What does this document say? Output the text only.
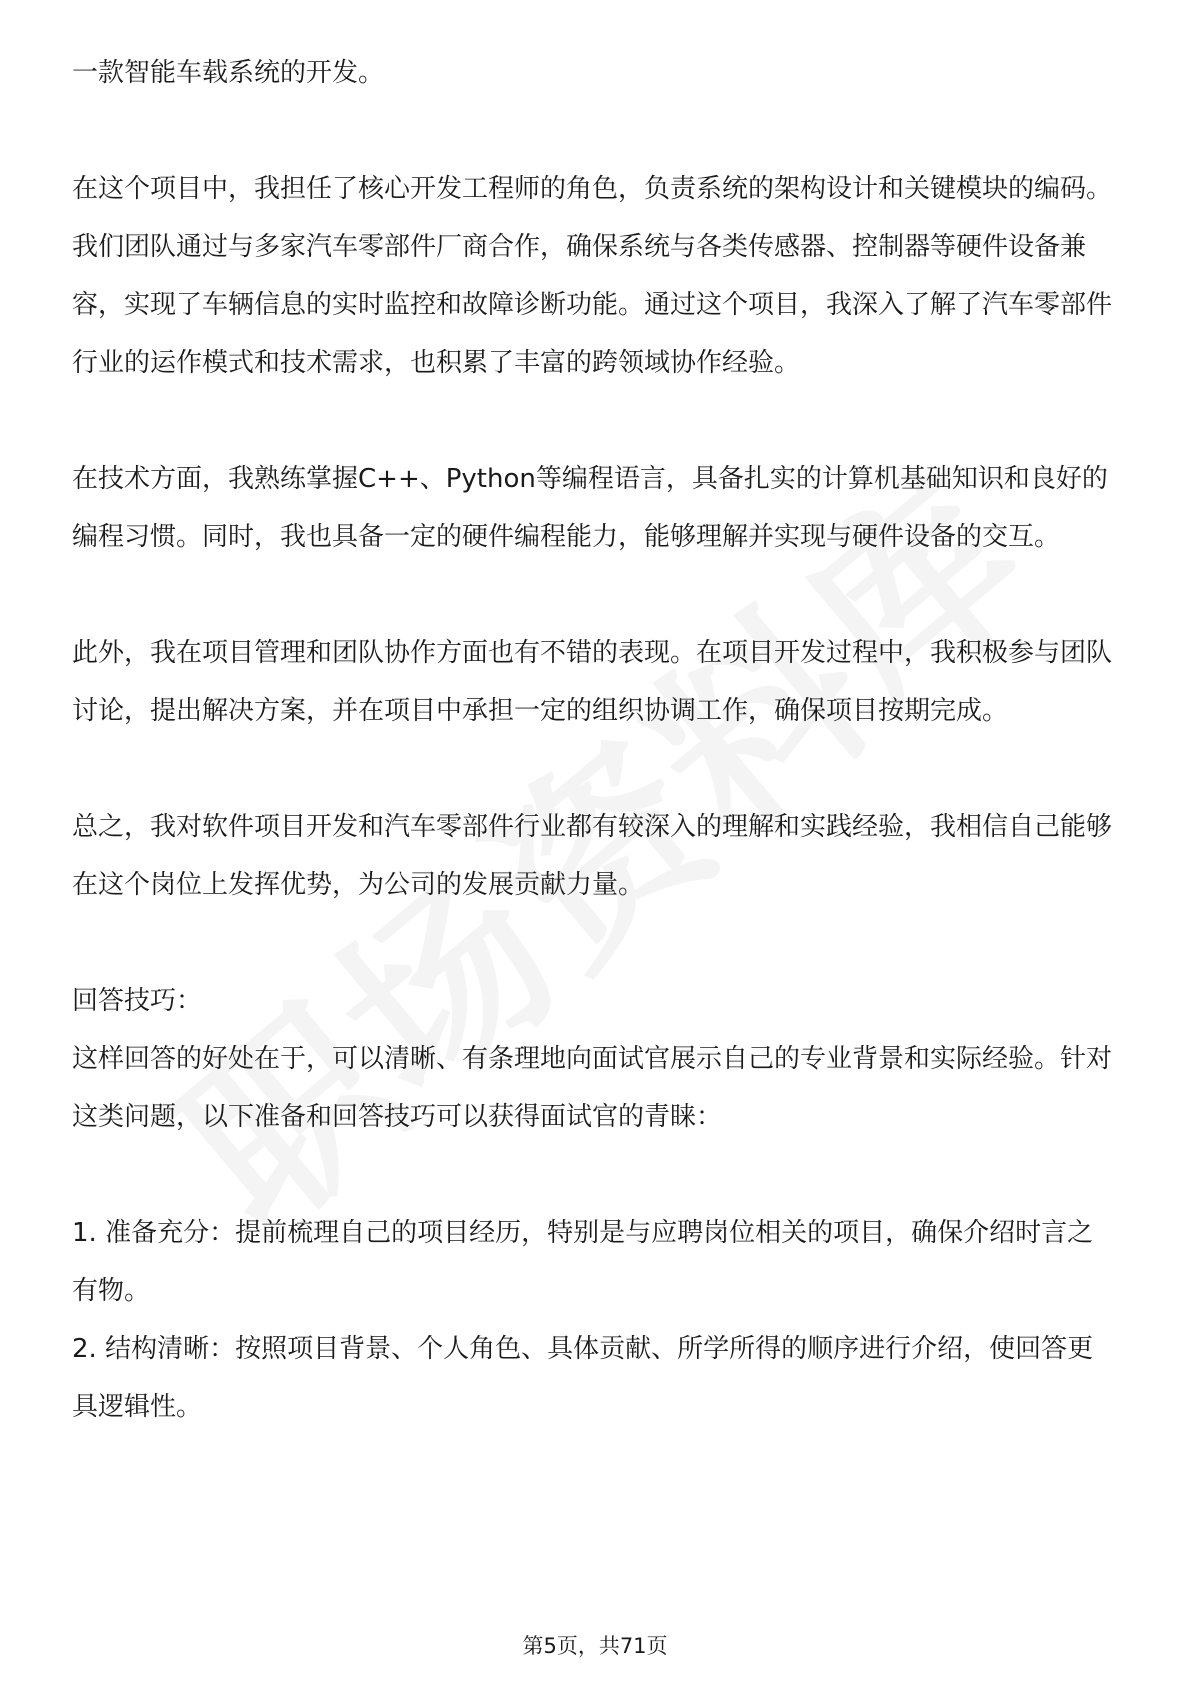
一款智能车载系统的开发。

在这个项目中，我担任了核心开发工程师的角色，负责系统的架构设计和关键模块的编码。我们团队通过与多家汽车零部件厂商合作，确保系统与各类传感器、控制器等硬件设备兼容，实现了车辆信息的实时监控和故障诊断功能。通过这个项目，我深入了解了汽车零部件行业的运作模式和技术需求，也积累了丰富的跨领域协作经验。

在技术方面，我熟练掌握C++、Python等编程语言，具备扎实的计算机基础知识和良好的编程习惯。同时，我也具备一定的硬件编程能力，能够理解并实现与硬件设备的交互。

此外，我在项目管理和团队协作方面也有不错的表现。在项目开发过程中，我积极参与团队讨论，提出解决方案，并在项目中承担一定的组织协调工作，确保项目按期完成。

总之，我对软件项目开发和汽车零部件行业都有较深入的理解和实践经验，我相信自己能够在这个岗位上发挥优势，为公司的发展贡献力量。

回答技巧：

这样回答的好处在于，可以清晰、有条理地向面试官展示自己的专业背景和实际经验。针对这类问题，以下准备和回答技巧可以获得面试官的青睐：

1. 准备充分：提前梳理自己的项目经历，特别是与应聘岗位相关的项目，确保介绍时言之有物。

2. 结构清晰：按照项目背景、个人角色、具体贡献、所学所得的顺序进行介绍，使回答更具逻辑性。

第5页，共71页
